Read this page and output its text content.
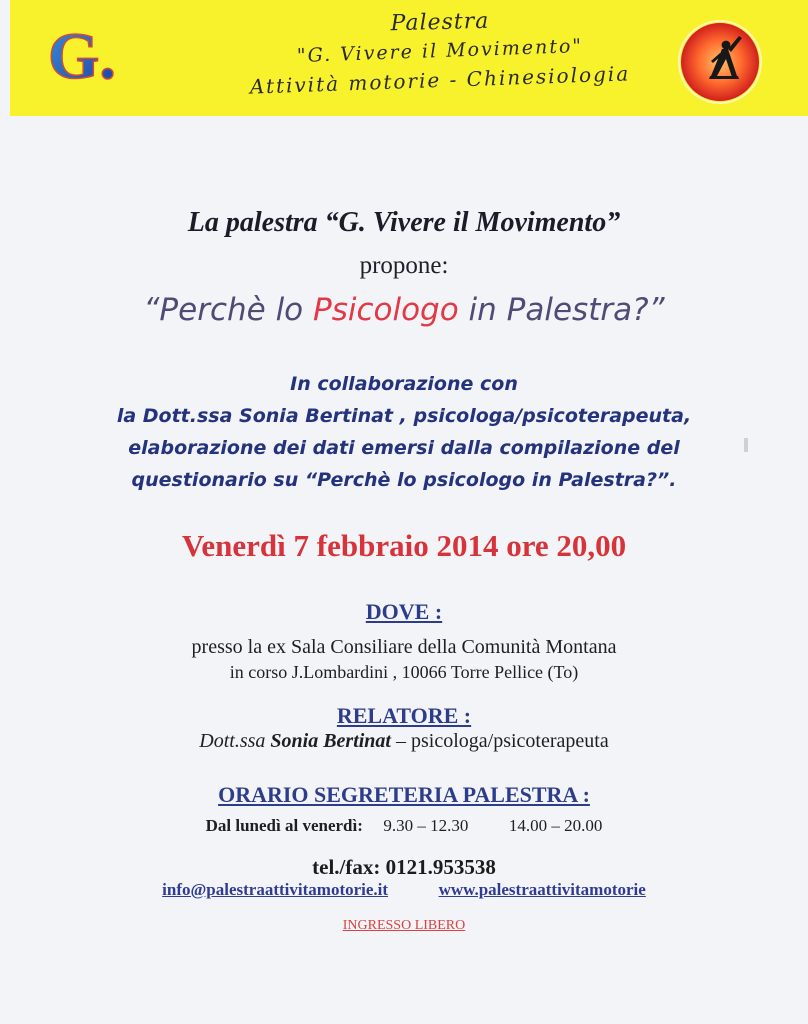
G.	Palestra
"G. Vivere il Movimento"
Attività motorie - Chinesiologia
La palestra “G. Vivere il Movimento”
propone:
“Perchè lo Psicologo in Palestra?”
In collaborazione con
la Dott.ssa Sonia Bertinat , psicologa/psicoterapeuta,
elaborazione dei dati emersi dalla compilazione del
questionario su “Perchè lo psicologo in Palestra?”.
Venerdì 7 febbraio 2014 ore 20,00
DOVE :
presso la ex Sala Consiliare della Comunità Montana
in corso J.Lombardini , 10066 Torre Pellice (To)
RELATORE :
Dott.ssa Sonia Bertinat – psicologa/psicoterapeuta
ORARIO SEGRETERIA PALESTRA :
Dal lunedì al venerdì: 9.30 – 12.30 14.00 – 20.00
tel./fax: 0121.953538
info@palestraattivitamotorie.it	www.palestraattivitamotorie
INGRESSO LIBERO
